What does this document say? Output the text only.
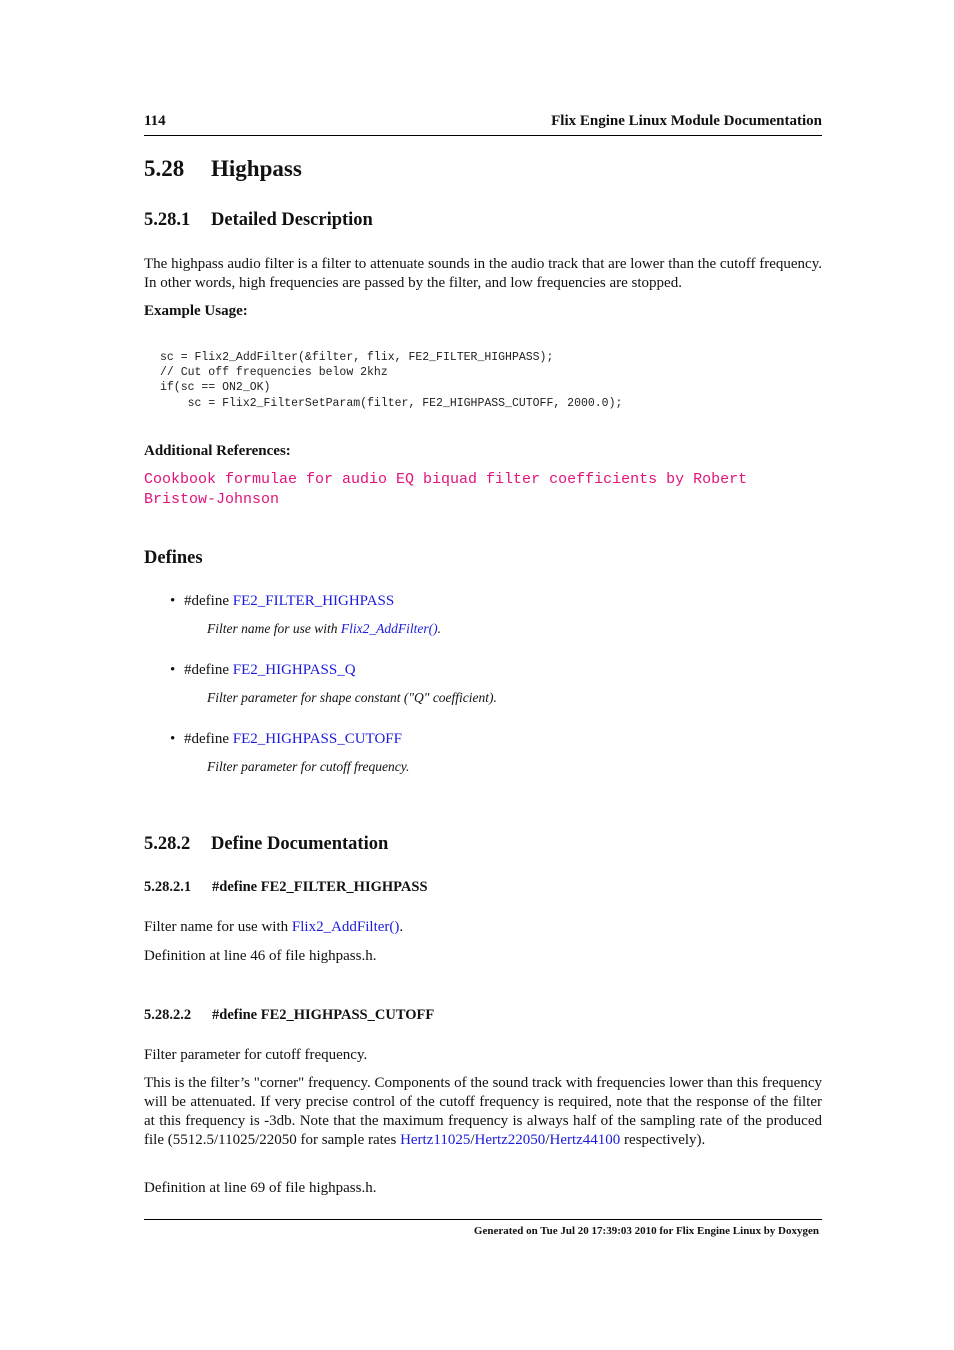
114	Flix Engine Linux Module Documentation
5.28 Highpass
5.28.1 Detailed Description
The highpass audio filter is a filter to attenuate sounds in the audio track that are lower than the cutoff frequency. In other words, high frequencies are passed by the filter, and low frequencies are stopped.
Example Usage:
sc = Flix2_AddFilter(&filter, flix, FE2_FILTER_HIGHPASS);
// Cut off frequencies below 2khz
if(sc == ON2_OK)
sc = Flix2_FilterSetParam(filter, FE2_HIGHPASS_CUTOFF, 2000.0);
Additional References:
Cookbook formulae for audio EQ biquad filter coefficients by Robert Bristow-Johnson
Defines
• #define FE2_FILTER_HIGHPASS
Filter name for use with Flix2_AddFilter().
• #define FE2_HIGHPASS_Q
Filter parameter for shape constant ("Q" coefficient).
• #define FE2_HIGHPASS_CUTOFF
Filter parameter for cutoff frequency.
5.28.2 Define Documentation
5.28.2.1 #define FE2_FILTER_HIGHPASS
Filter name for use with Flix2_AddFilter().
Definition at line 46 of file highpass.h.
5.28.2.2 #define FE2_HIGHPASS_CUTOFF
Filter parameter for cutoff frequency.
This is the filter’s "corner" frequency. Components of the sound track with frequencies lower than this frequency will be attenuated. If very precise control of the cutoff frequency is required, note that the response of the filter at this frequency is -3db. Note that the maximum frequency is always half of the sampling rate of the produced file (5512.5/11025/22050 for sample rates Hertz11025/Hertz22050/Hertz44100 respectively).
Definition at line 69 of file highpass.h.
Generated on Tue Jul 20 17:39:03 2010 for Flix Engine Linux by Doxygen
